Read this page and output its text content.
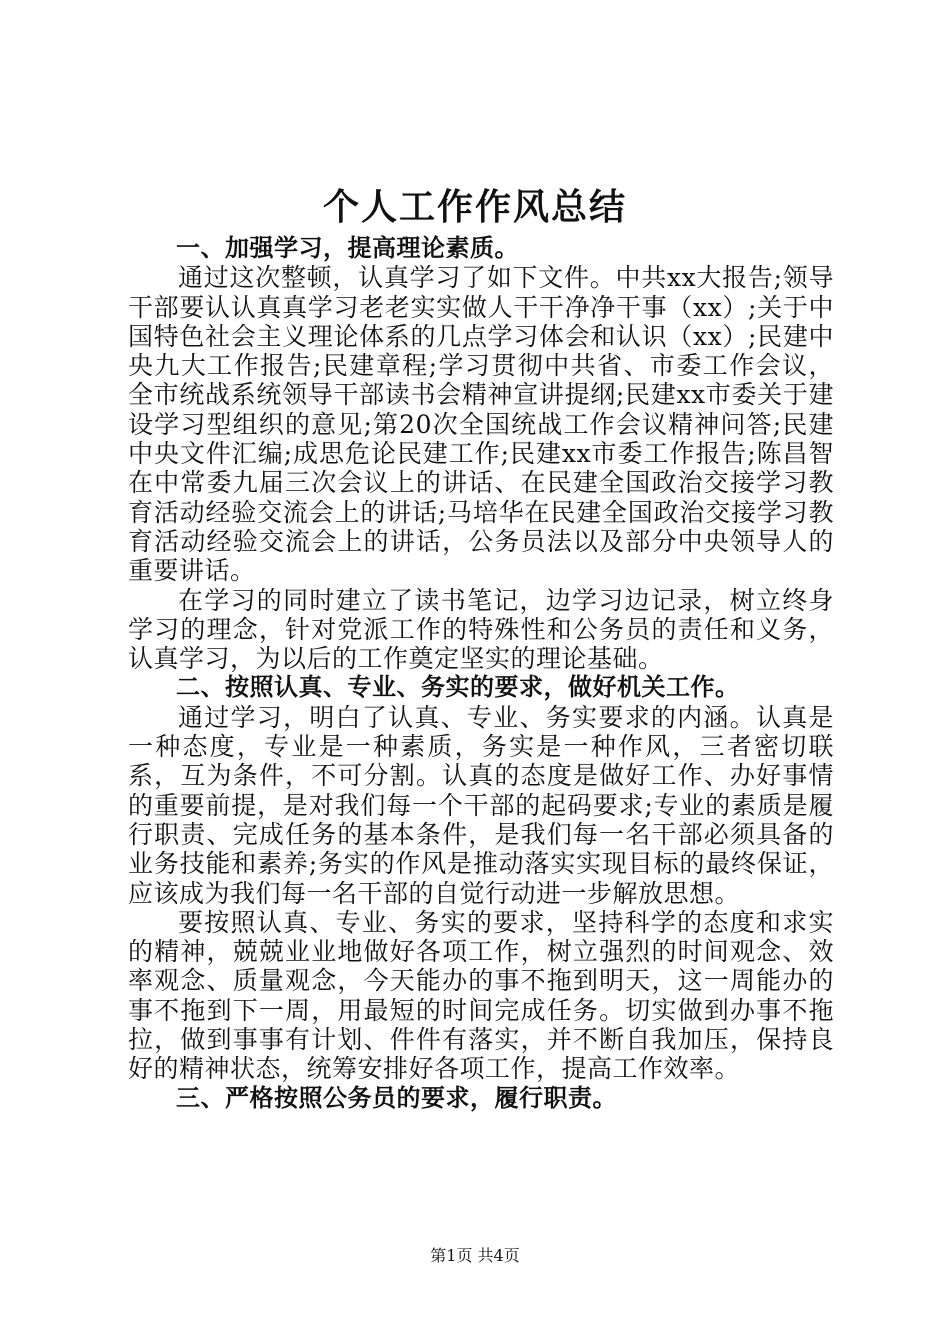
个人工作作风总结

一、加强学习，提高理论素质。

通过这次整顿，认真学习了如下文件。中共xx大报告;领导干部要认认真真学习老老实实做人干干净净干事（xx）;关于中国特色社会主义理论体系的几点学习体会和认识（xx）;民建中央九大工作报告;民建章程;学习贯彻中共省、市委工作会议，全市统战系统领导干部读书会精神宣讲提纲;民建xx市委关于建设学习型组织的意见;第20次全国统战工作会议精神问答;民建中央文件汇编;成思危论民建工作;民建xx市委工作报告;陈昌智在中常委九届三次会议上的讲话、在民建全国政治交接学习教育活动经验交流会上的讲话;马培华在民建全国政治交接学习教育活动经验交流会上的讲话，公务员法以及部分中央领导人的重要讲话。

在学习的同时建立了读书笔记，边学习边记录，树立终身学习的理念，针对党派工作的特殊性和公务员的责任和义务，认真学习，为以后的工作奠定坚实的理论基础。

二、按照认真、专业、务实的要求，做好机关工作。

通过学习，明白了认真、专业、务实要求的内涵。认真是一种态度，专业是一种素质，务实是一种作风，三者密切联系，互为条件，不可分割。认真的态度是做好工作、办好事情的重要前提，是对我们每一个干部的起码要求;专业的素质是履行职责、完成任务的基本条件，是我们每一名干部必须具备的业务技能和素养;务实的作风是推动落实实现目标的最终保证，应该成为我们每一名干部的自觉行动进一步解放思想。

要按照认真、专业、务实的要求，坚持科学的态度和求实的精神，兢兢业业地做好各项工作，树立强烈的时间观念、效率观念、质量观念，今天能办的事不拖到明天，这一周能办的事不拖到下一周，用最短的时间完成任务。切实做到办事不拖拉，做到事事有计划、件件有落实，并不断自我加压，保持良好的精神状态，统筹安排好各项工作，提高工作效率。

三、严格按照公务员的要求，履行职责。

第1页 共4页
